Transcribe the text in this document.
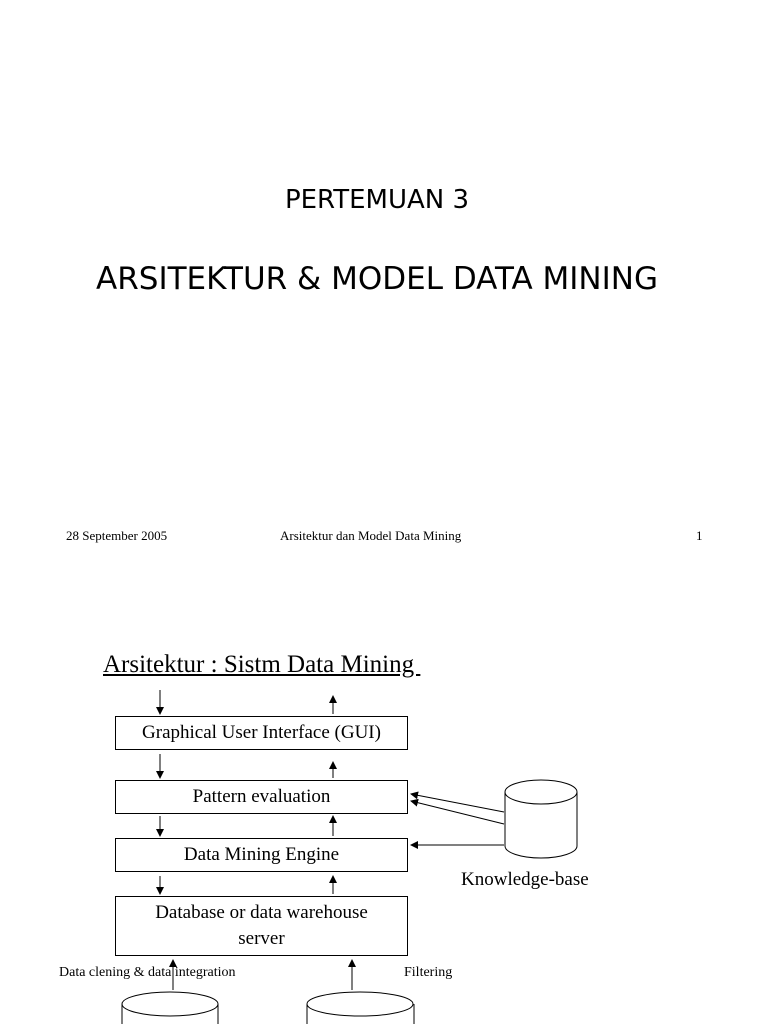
PERTEMUAN 3
ARSITEKTUR & MODEL DATA MINING
28 September 2005	Arsitektur dan Model Data Mining	1
Arsitektur : Sistm Data Mining
Graphical User Interface (GUI)
Pattern evaluation
Data Mining Engine
Database or data warehouse server
Knowledge-base
Data clening & data integration	Filtering
